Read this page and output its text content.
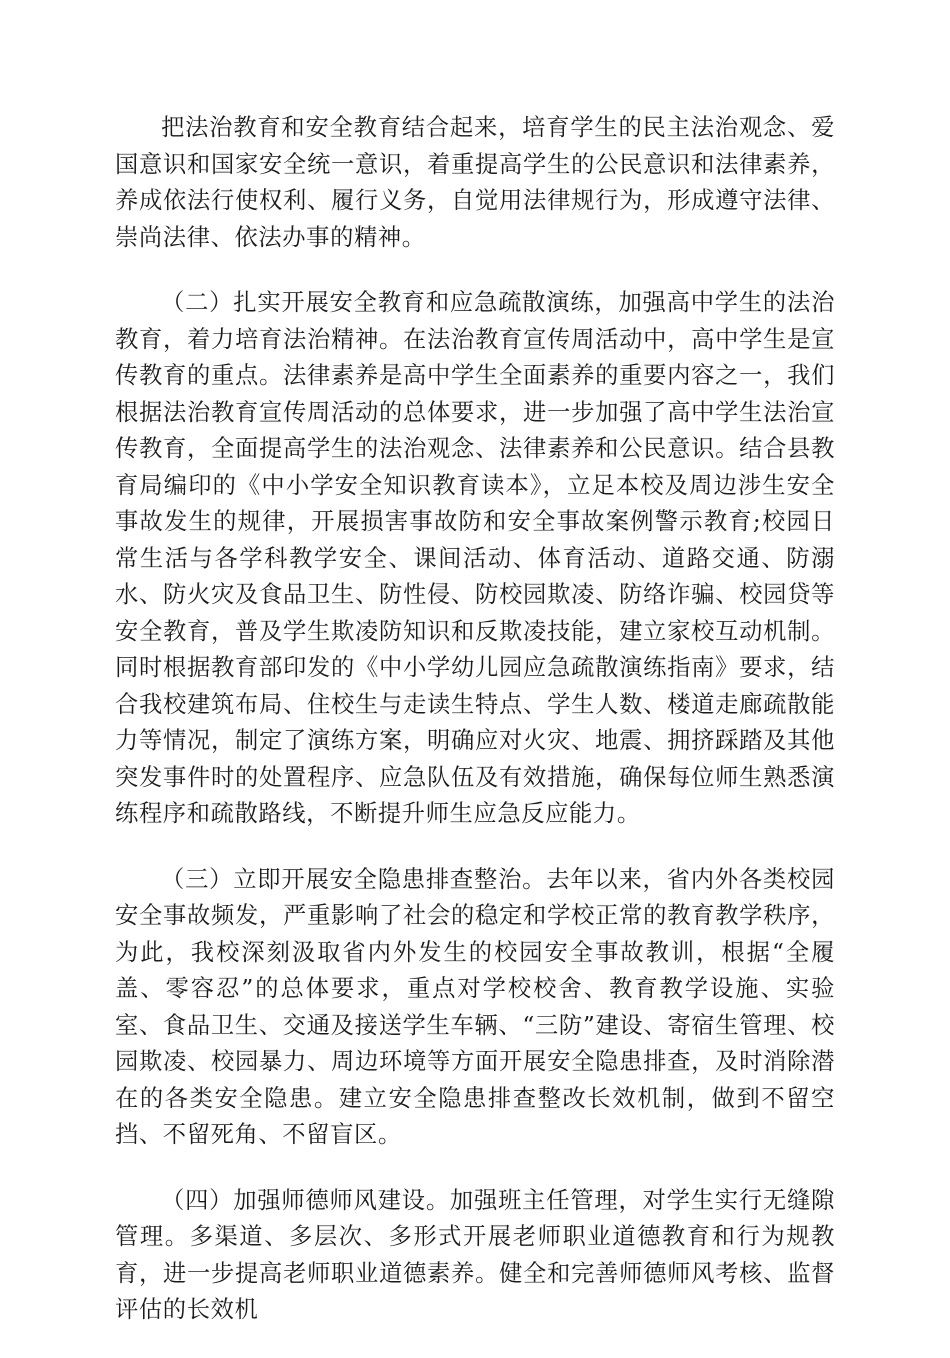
把法治教育和安全教育结合起来，培育学生的民主法治观念、爱国意识和国家安全统一意识，着重提高学生的公民意识和法律素养，养成依法行使权利、履行义务，自觉用法律规行为，形成遵守法律、崇尚法律、依法办事的精神。

（二）扎实开展安全教育和应急疏散演练，加强高中学生的法治教育，着力培育法治精神。在法治教育宣传周活动中，高中学生是宣传教育的重点。法律素养是高中学生全面素养的重要内容之一，我们根据法治教育宣传周活动的总体要求，进一步加强了高中学生法治宣传教育，全面提高学生的法治观念、法律素养和公民意识。结合县教育局编印的《中小学安全知识教育读本》，立足本校及周边涉生安全事故发生的规律，开展损害事故防和安全事故案例警示教育;校园日常生活与各学科教学安全、课间活动、体育活动、道路交通、防溺水、防火灾及食品卫生、防性侵、防校园欺凌、防络诈骗、校园贷等安全教育，普及学生欺凌防知识和反欺凌技能，建立家校互动机制。同时根据教育部印发的《中小学幼儿园应急疏散演练指南》要求，结合我校建筑布局、住校生与走读生特点、学生人数、楼道走廊疏散能力等情况，制定了演练方案，明确应对火灾、地震、拥挤踩踏及其他突发事件时的处置程序、应急队伍及有效措施，确保每位师生熟悉演练程序和疏散路线，不断提升师生应急反应能力。

（三）立即开展安全隐患排查整治。去年以来，省内外各类校园安全事故频发，严重影响了社会的稳定和学校正常的教育教学秩序，为此，我校深刻汲取省内外发生的校园安全事故教训，根据“全履盖、零容忍”的总体要求，重点对学校校舍、教育教学设施、实验室、食品卫生、交通及接送学生车辆、“三防”建设、寄宿生管理、校园欺凌、校园暴力、周边环境等方面开展安全隐患排查，及时消除潜在的各类安全隐患。建立安全隐患排查整改长效机制，做到不留空挡、不留死角、不留盲区。

（四）加强师德师风建设。加强班主任管理，对学生实行无缝隙管理。多渠道、多层次、多形式开展老师职业道德教育和行为规教育，进一步提高老师职业道德素养。健全和完善师德师风考核、监督评估的长效机
